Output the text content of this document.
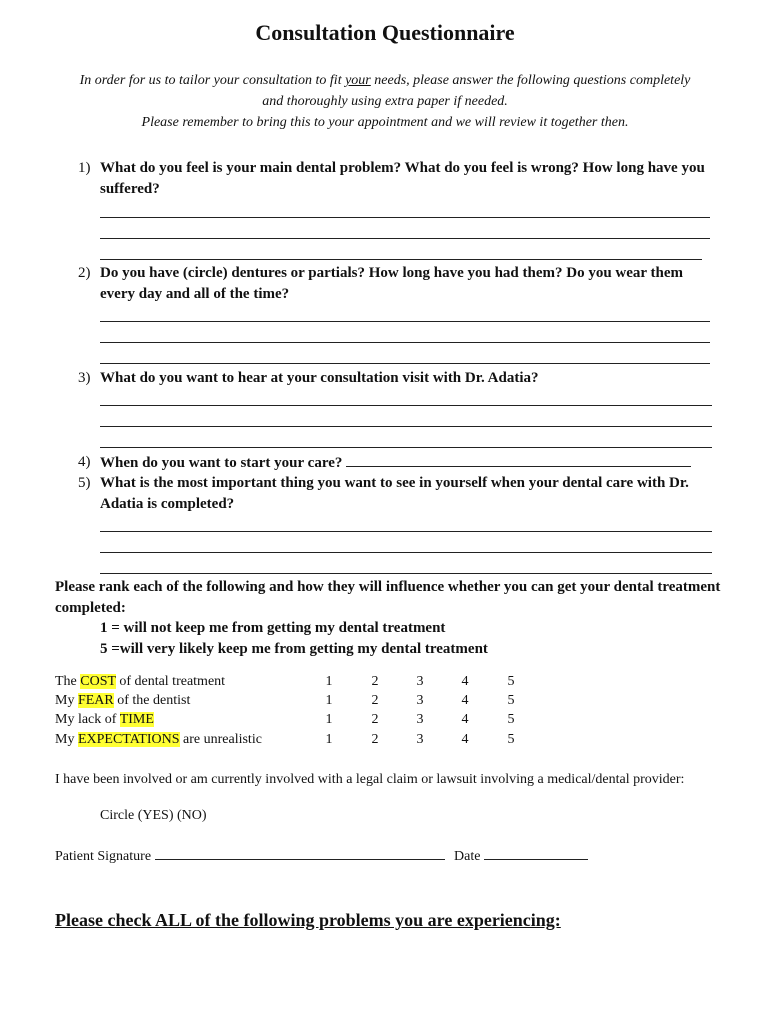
Consultation Questionnaire
In order for us to tailor your consultation to fit your needs, please answer the following questions completely
and thoroughly using extra paper if needed.
Please remember to bring this to your appointment and we will review it together then.
1) What do you feel is your main dental problem? What do you feel is wrong? How long have you suffered?
2) Do you have (circle) dentures or partials? How long have you had them? Do you wear them every day and all of the time?
3) What do you want to hear at your consultation visit with Dr. Adatia?
4) When do you want to start your care?
5) What is the most important thing you want to see in yourself when your dental care with Dr. Adatia is completed?
Please rank each of the following and how they will influence whether you can get your dental treatment completed:
1 = will not keep me from getting my dental treatment
5 =will very likely keep me from getting my dental treatment
The COST of dental treatment	1	2	3	4	5
My FEAR of the dentist	1	2	3	4	5
My lack of TIME	1	2	3	4	5
My EXPECTATIONS are unrealistic	1	2	3	4	5
I have been involved or am currently involved with a legal claim or lawsuit involving a medical/dental provider:
Circle (YES) (NO)
Patient Signature	Date
Please check ALL of the following problems you are experiencing:
